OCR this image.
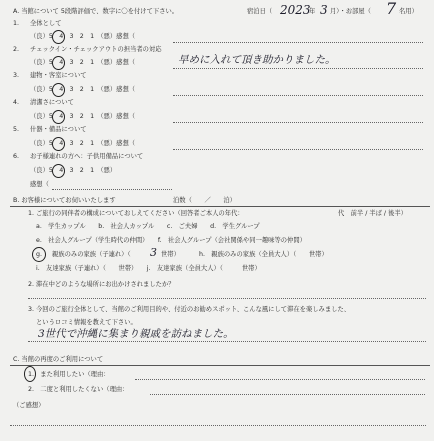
A. 当館について 5段階評価で、数字に〇を付けて下さい。	宿泊日（ 2023
年 3 月）・お部屋（ 7 名用）
1. 全体として
（良）5　4　3　2　1　（悪）感想（
2. チェックイン・チェックアウトの担当者の対応
（良）5　4　3　2　1　（悪）感想（	早めに入れて頂き助かりました。
3. 建物・客室について
（良）5　4　3　2　1　（悪）感想（
4. 清潔さについて
（良）5　4　3　2　1　（悪）感想（
5. 什器・備品について
（良）5　4　3　2　1　（悪）感想（
6. お子様連れの方へ：子供用備品について
（良）5　4　3　2　1　（悪）
感想（
B. お客様についてお伺いいたします	泊数（　　／　　泊）
1. ご旅行の同伴者の構成についておしえてください（回答者ご本人の年代：	代　前半 / 半ば / 後半）
a.　学生カップル　　b.　社会人カップル　　c.　ご夫婦　　d.　学生グループ
e.　社会人グループ（学生時代の仲間）　　f.　社会人グループ（会社関係や同一趣味等の仲間）
g. 親族のみの家族（子連れ）（ 3 世帯）	h.　親族のみの家族（全員大人）（　　世帯）
i.　友達家族（子連れ）（　　世帯）　　j.　友達家族（全員大人）（　　　世帯）
2. 滞在中どのような場所にお出かけされましたか？
3. 今回のご旅行全体として、当館のご利用目的や、付近のお勧めスポット、こんな風にして滞在を楽しみました、
というロコミ情報を教えて下さい。
3世代で沖縄に集まり親戚を訪ねました。
C. 当館の再度のご利用について
1.　また利用したい（理由：
2.　二度と利用したくない（理由：
（ご感想）
